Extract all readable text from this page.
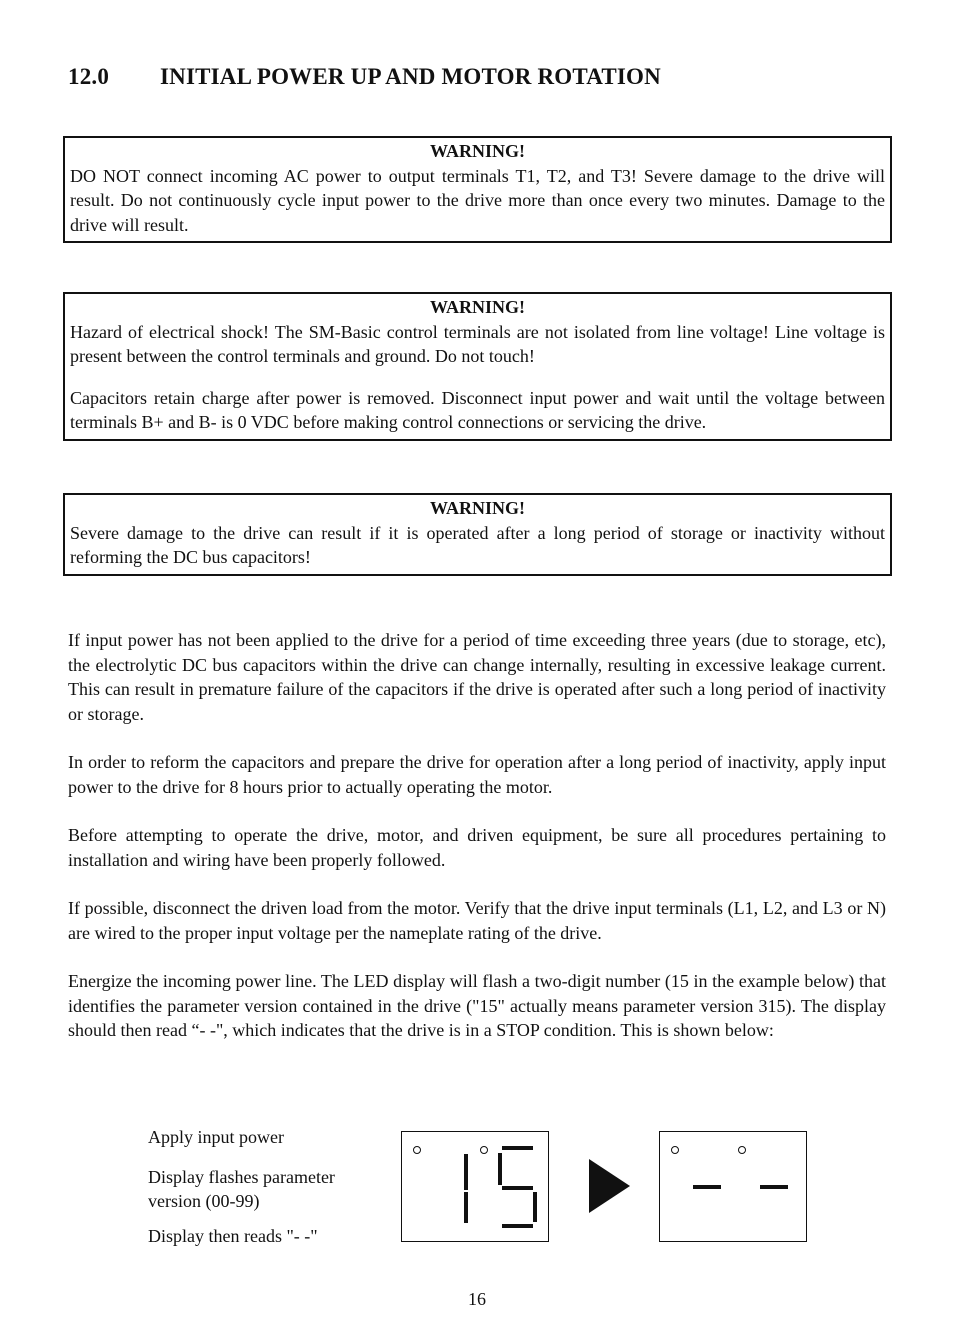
12.0 INITIAL POWER UP AND MOTOR ROTATION
WARNING!

DO NOT connect incoming AC power to output terminals T1, T2, and T3! Severe damage to the drive will result. Do not continuously cycle input power to the drive more than once every two minutes. Damage to the drive will result.

WARNING!

Hazard of electrical shock! The SM-Basic control terminals are not isolated from line voltage! Line voltage is present between the control terminals and ground. Do not touch!

Capacitors retain charge after power is removed. Disconnect input power and wait until the voltage between terminals B+ and B- is 0 VDC before making control connections or servicing the drive.

WARNING!

Severe damage to the drive can result if it is operated after a long period of storage or inactivity without reforming the DC bus capacitors!

If input power has not been applied to the drive for a period of time exceeding three years (due to storage, etc), the electrolytic DC bus capacitors within the drive can change internally, resulting in excessive leakage current. This can result in premature failure of the capacitors if the drive is operated after such a long period of inactivity or storage.

In order to reform the capacitors and prepare the drive for operation after a long period of inactivity, apply input power to the drive for 8 hours prior to actually operating the motor.

Before attempting to operate the drive, motor, and driven equipment, be sure all procedures pertaining to installation and wiring have been properly followed.

If possible, disconnect the driven load from the motor. Verify that the drive input terminals (L1, L2, and L3 or N) are wired to the proper input voltage per the nameplate rating of the drive.

Energize the incoming power line. The LED display will flash a two-digit number (15 in the example below) that identifies the parameter version contained in the drive ("15" actually means parameter version 315). The display should then read “- -", which indicates that the drive is in a STOP condition. This is shown below:

Apply input power
Display flashes parameter version (00-99)
Display then reads "- -"
16
